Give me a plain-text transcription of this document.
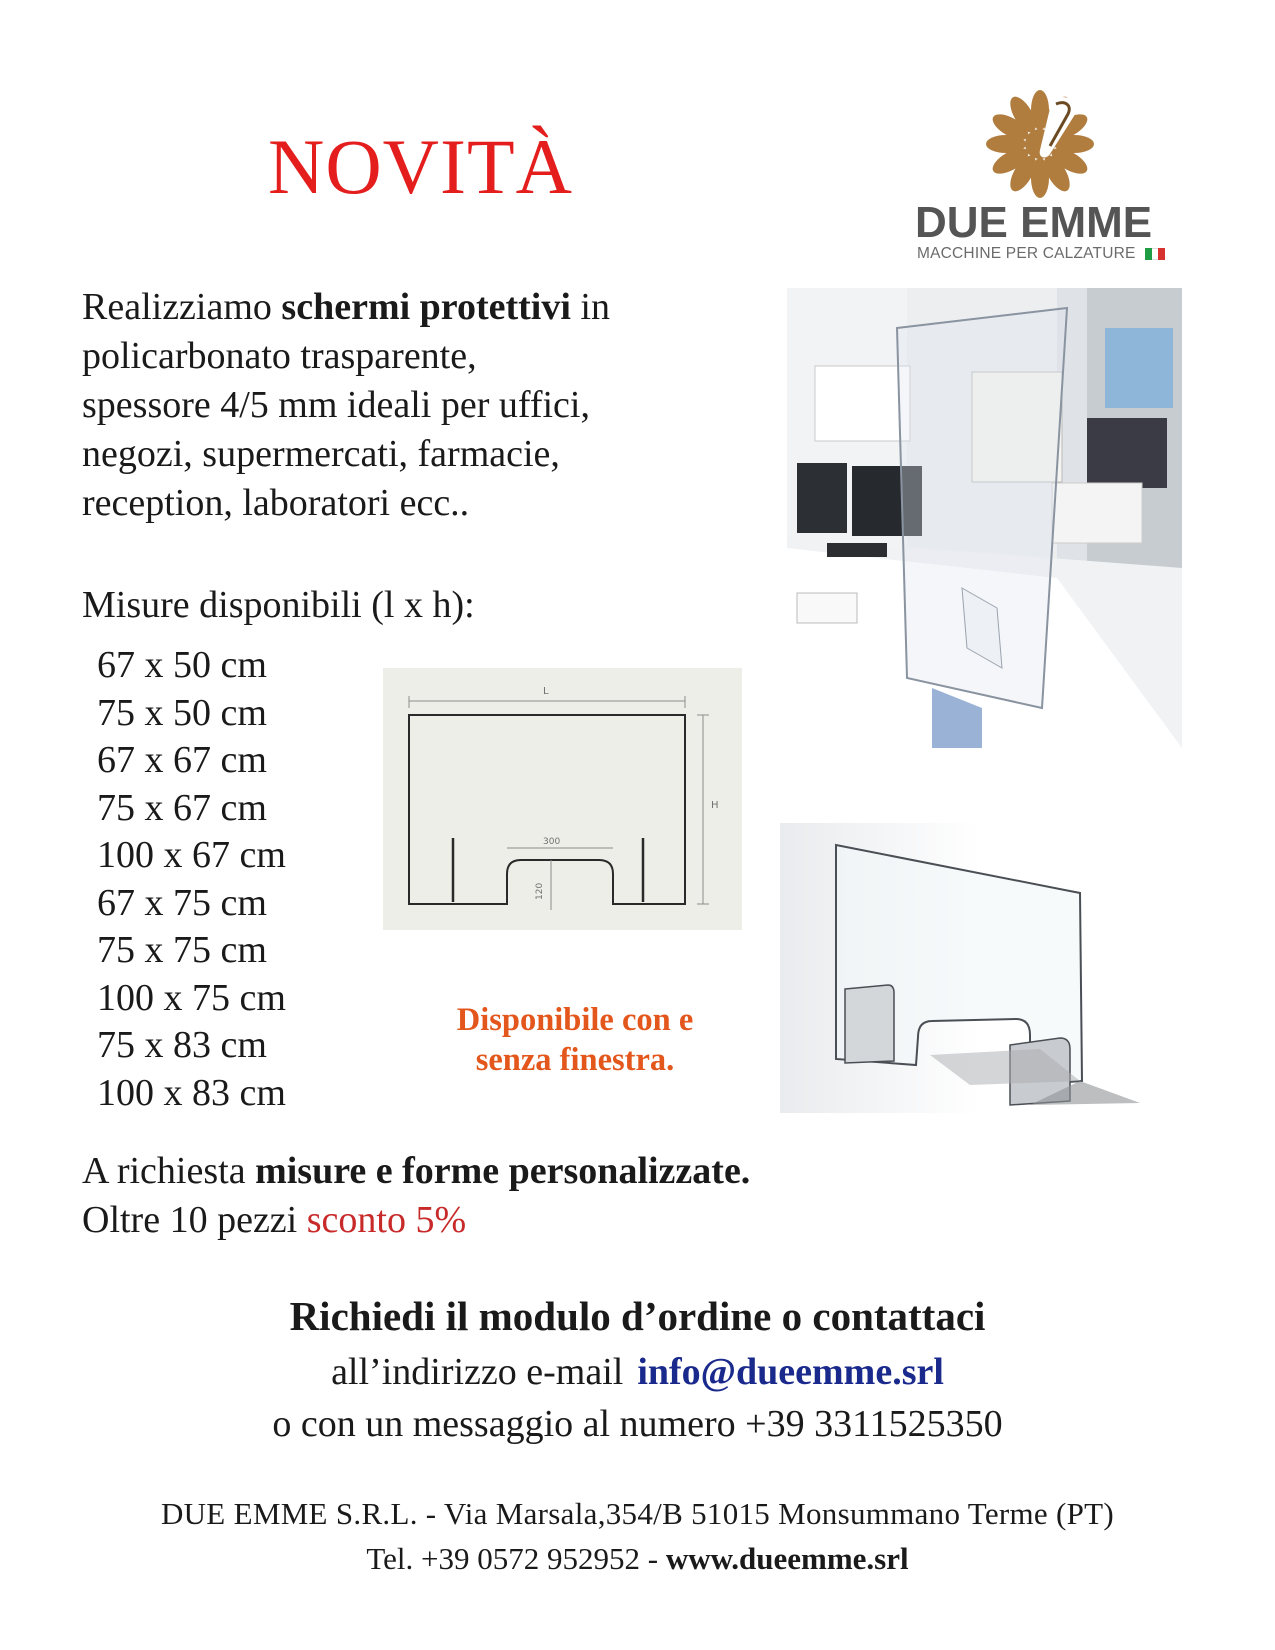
NOVITÀ
DUE EMME
MACCHINE PER CALZATURE
Realizziamo schermi protettivi in
policarbonato trasparente,
spessore 4/5 mm ideali per uffici,
negozi, supermercati, farmacie,
reception, laboratori ecc..
L
H
300
120
Misure disponibili (l x h):
67 x 50 cm
75 x 50 cm
67 x 67 cm
75 x 67 cm
100 x 67 cm
67 x 75 cm
75 x 75 cm
100 x 75 cm
75 x 83 cm
100 x 83 cm
Disponibile con e
senza finestra.
A richiesta misure e forme personalizzate.
Oltre 10 pezzi sconto 5%
Richiedi il modulo d’ordine o contattaci
all’indirizzo e-mail info@dueemme.srl
o con un messaggio al numero +39 3311525350
DUE EMME S.R.L. - Via Marsala,354/B 51015 Monsummano Terme (PT)
Tel. +39 0572 952952 - www.dueemme.srl
